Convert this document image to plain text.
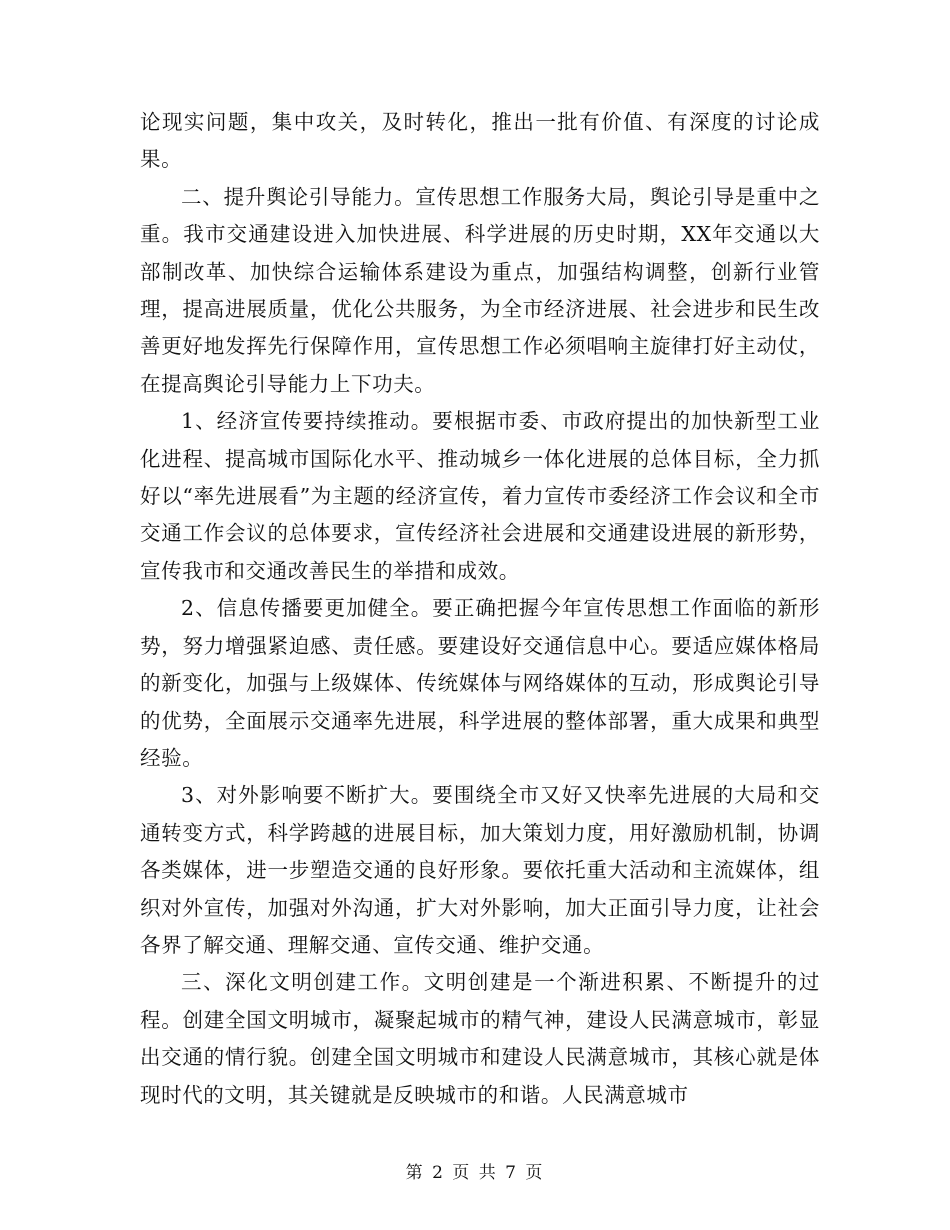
论现实问题，集中攻关，及时转化，推出一批有价值、有深度的讨论成果。

二、提升舆论引导能力。宣传思想工作服务大局，舆论引导是重中之重。我市交通建设进入加快进展、科学进展的历史时期，XX年交通以大部制改革、加快综合运输体系建设为重点，加强结构调整，创新行业管理，提高进展质量，优化公共服务，为全市经济进展、社会进步和民生改善更好地发挥先行保障作用，宣传思想工作必须唱响主旋律打好主动仗，在提高舆论引导能力上下功夫。

1、经济宣传要持续推动。要根据市委、市政府提出的加快新型工业化进程、提高城市国际化水平、推动城乡一体化进展的总体目标，全力抓好以“率先进展看”为主题的经济宣传，着力宣传市委经济工作会议和全市交通工作会议的总体要求，宣传经济社会进展和交通建设进展的新形势，宣传我市和交通改善民生的举措和成效。

2、信息传播要更加健全。要正确把握今年宣传思想工作面临的新形势，努力增强紧迫感、责任感。要建设好交通信息中心。要适应媒体格局的新变化，加强与上级媒体、传统媒体与网络媒体的互动，形成舆论引导的优势，全面展示交通率先进展，科学进展的整体部署，重大成果和典型经验。

3、对外影响要不断扩大。要围绕全市又好又快率先进展的大局和交通转变方式，科学跨越的进展目标，加大策划力度，用好激励机制，协调各类媒体，进一步塑造交通的良好形象。要依托重大活动和主流媒体，组织对外宣传，加强对外沟通，扩大对外影响，加大正面引导力度，让社会各界了解交通、理解交通、宣传交通、维护交通。

三、深化文明创建工作。文明创建是一个渐进积累、不断提升的过程。创建全国文明城市，凝聚起城市的精气神，建设人民满意城市，彰显出交通的情行貌。创建全国文明城市和建设人民满意城市，其核心就是体现时代的文明，其关键就是反映城市的和谐。人民满意城市

第 2 页 共 7 页
